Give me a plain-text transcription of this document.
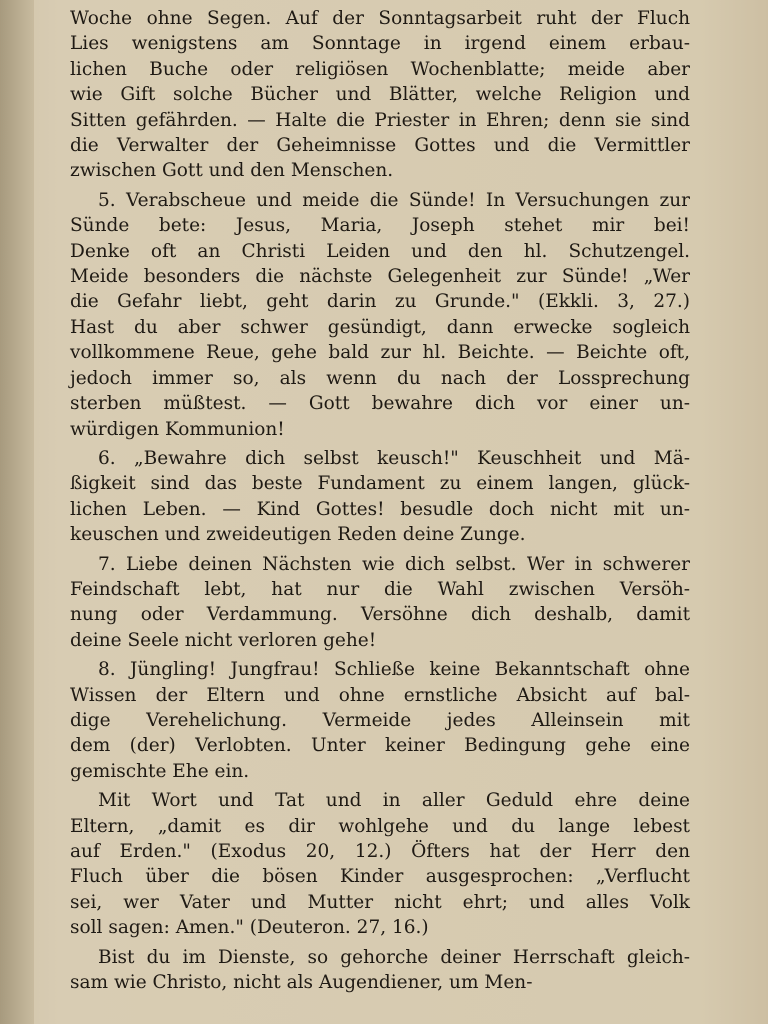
Woche ohne Segen. Auf der Sonntagsarbeit ruht der Fluch
Lies wenigstens am Sonntage in irgend einem erbau-
lichen Buche oder religiösen Wochenblatte; meide aber
wie Gift solche Bücher und Blätter, welche Religion und
Sitten gefährden. — Halte die Priester in Ehren; denn sie sind
die Verwalter der Geheimnisse Gottes und die Vermittler
zwischen Gott und den Menschen.
5. Verabscheue und meide die Sünde! In Versuchungen zur
Sünde bete: Jesus, Maria, Joseph stehet mir bei!
Denke oft an Christi Leiden und den hl. Schutzengel.
Meide besonders die nächste Gelegenheit zur Sünde! „Wer
die Gefahr liebt, geht darin zu Grunde." (Ekkli. 3, 27.)
Hast du aber schwer gesündigt, dann erwecke sogleich
vollkommene Reue, gehe bald zur hl. Beichte. — Beichte oft,
jedoch immer so, als wenn du nach der Lossprechung
sterben müßtest. — Gott bewahre dich vor einer un-
würdigen Kommunion!
6. „Bewahre dich selbst keusch!" Keuschheit und Mä-
ßigkeit sind das beste Fundament zu einem langen, glück-
lichen Leben. — Kind Gottes! besudle doch nicht mit un-
keuschen und zweideutigen Reden deine Zunge.
7. Liebe deinen Nächsten wie dich selbst. Wer in schwerer
Feindschaft lebt, hat nur die Wahl zwischen Versöh-
nung oder Verdammung. Versöhne dich deshalb, damit
deine Seele nicht verloren gehe!
8. Jüngling! Jungfrau! Schließe keine Bekanntschaft ohne
Wissen der Eltern und ohne ernstliche Absicht auf bal-
dige Verehelichung. Vermeide jedes Alleinsein mit
dem (der) Verlobten. Unter keiner Bedingung gehe eine
gemischte Ehe ein.
Mit Wort und Tat und in aller Geduld ehre deine
Eltern, „damit es dir wohlgehe und du lange lebest
auf Erden." (Exodus 20, 12.) Öfters hat der Herr den
Fluch über die bösen Kinder ausgesprochen: „Verflucht
sei, wer Vater und Mutter nicht ehrt; und alles Volk
soll sagen: Amen." (Deuteron. 27, 16.)
Bist du im Dienste, so gehorche deiner Herrschaft gleich-
sam wie Christo, nicht als Augendiener, um Men-
